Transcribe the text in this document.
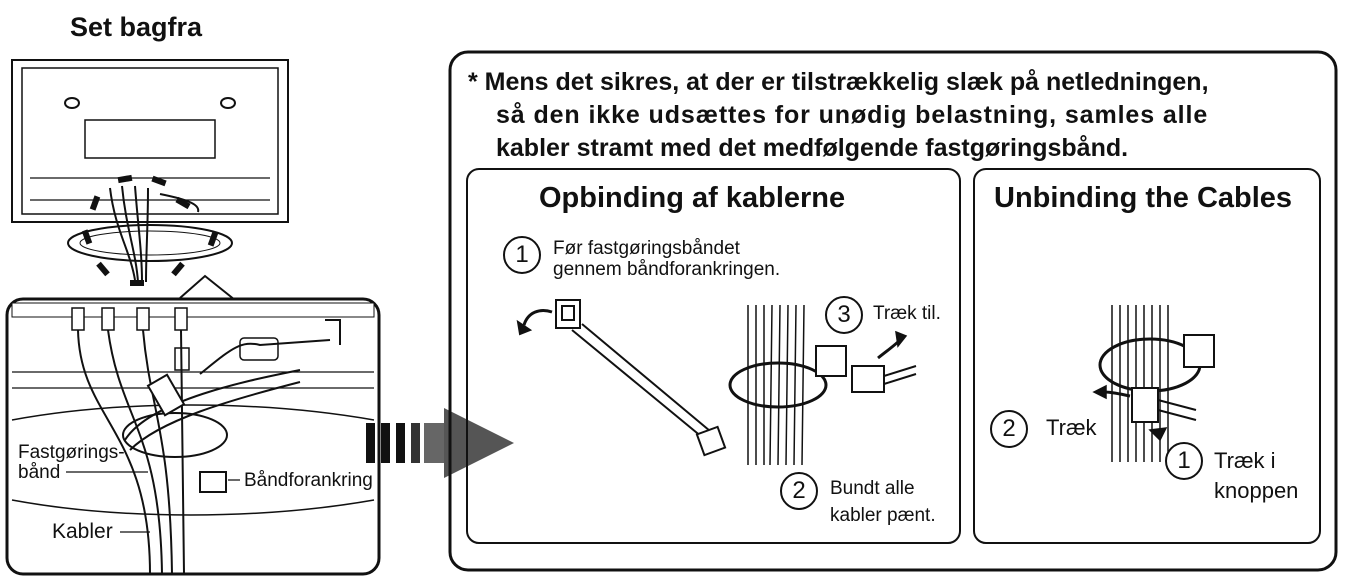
Set bagfra
Fastgørings-
bånd	Båndforankring
Kabler
* Mens det sikres, at der er tilstrækkelig slæk på netledningen,
så den ikke udsættes for unødig belastning, samles alle
kabler stramt med det medfølgende fastgøringsbånd.
Opbinding af kablerne
1	Før fastgøringsbåndet
gennem båndforankringen.
3	Træk til.
2	Bundt alle
kabler pænt.
Unbinding the Cables
2	Træk
1	Træk i
knoppen
